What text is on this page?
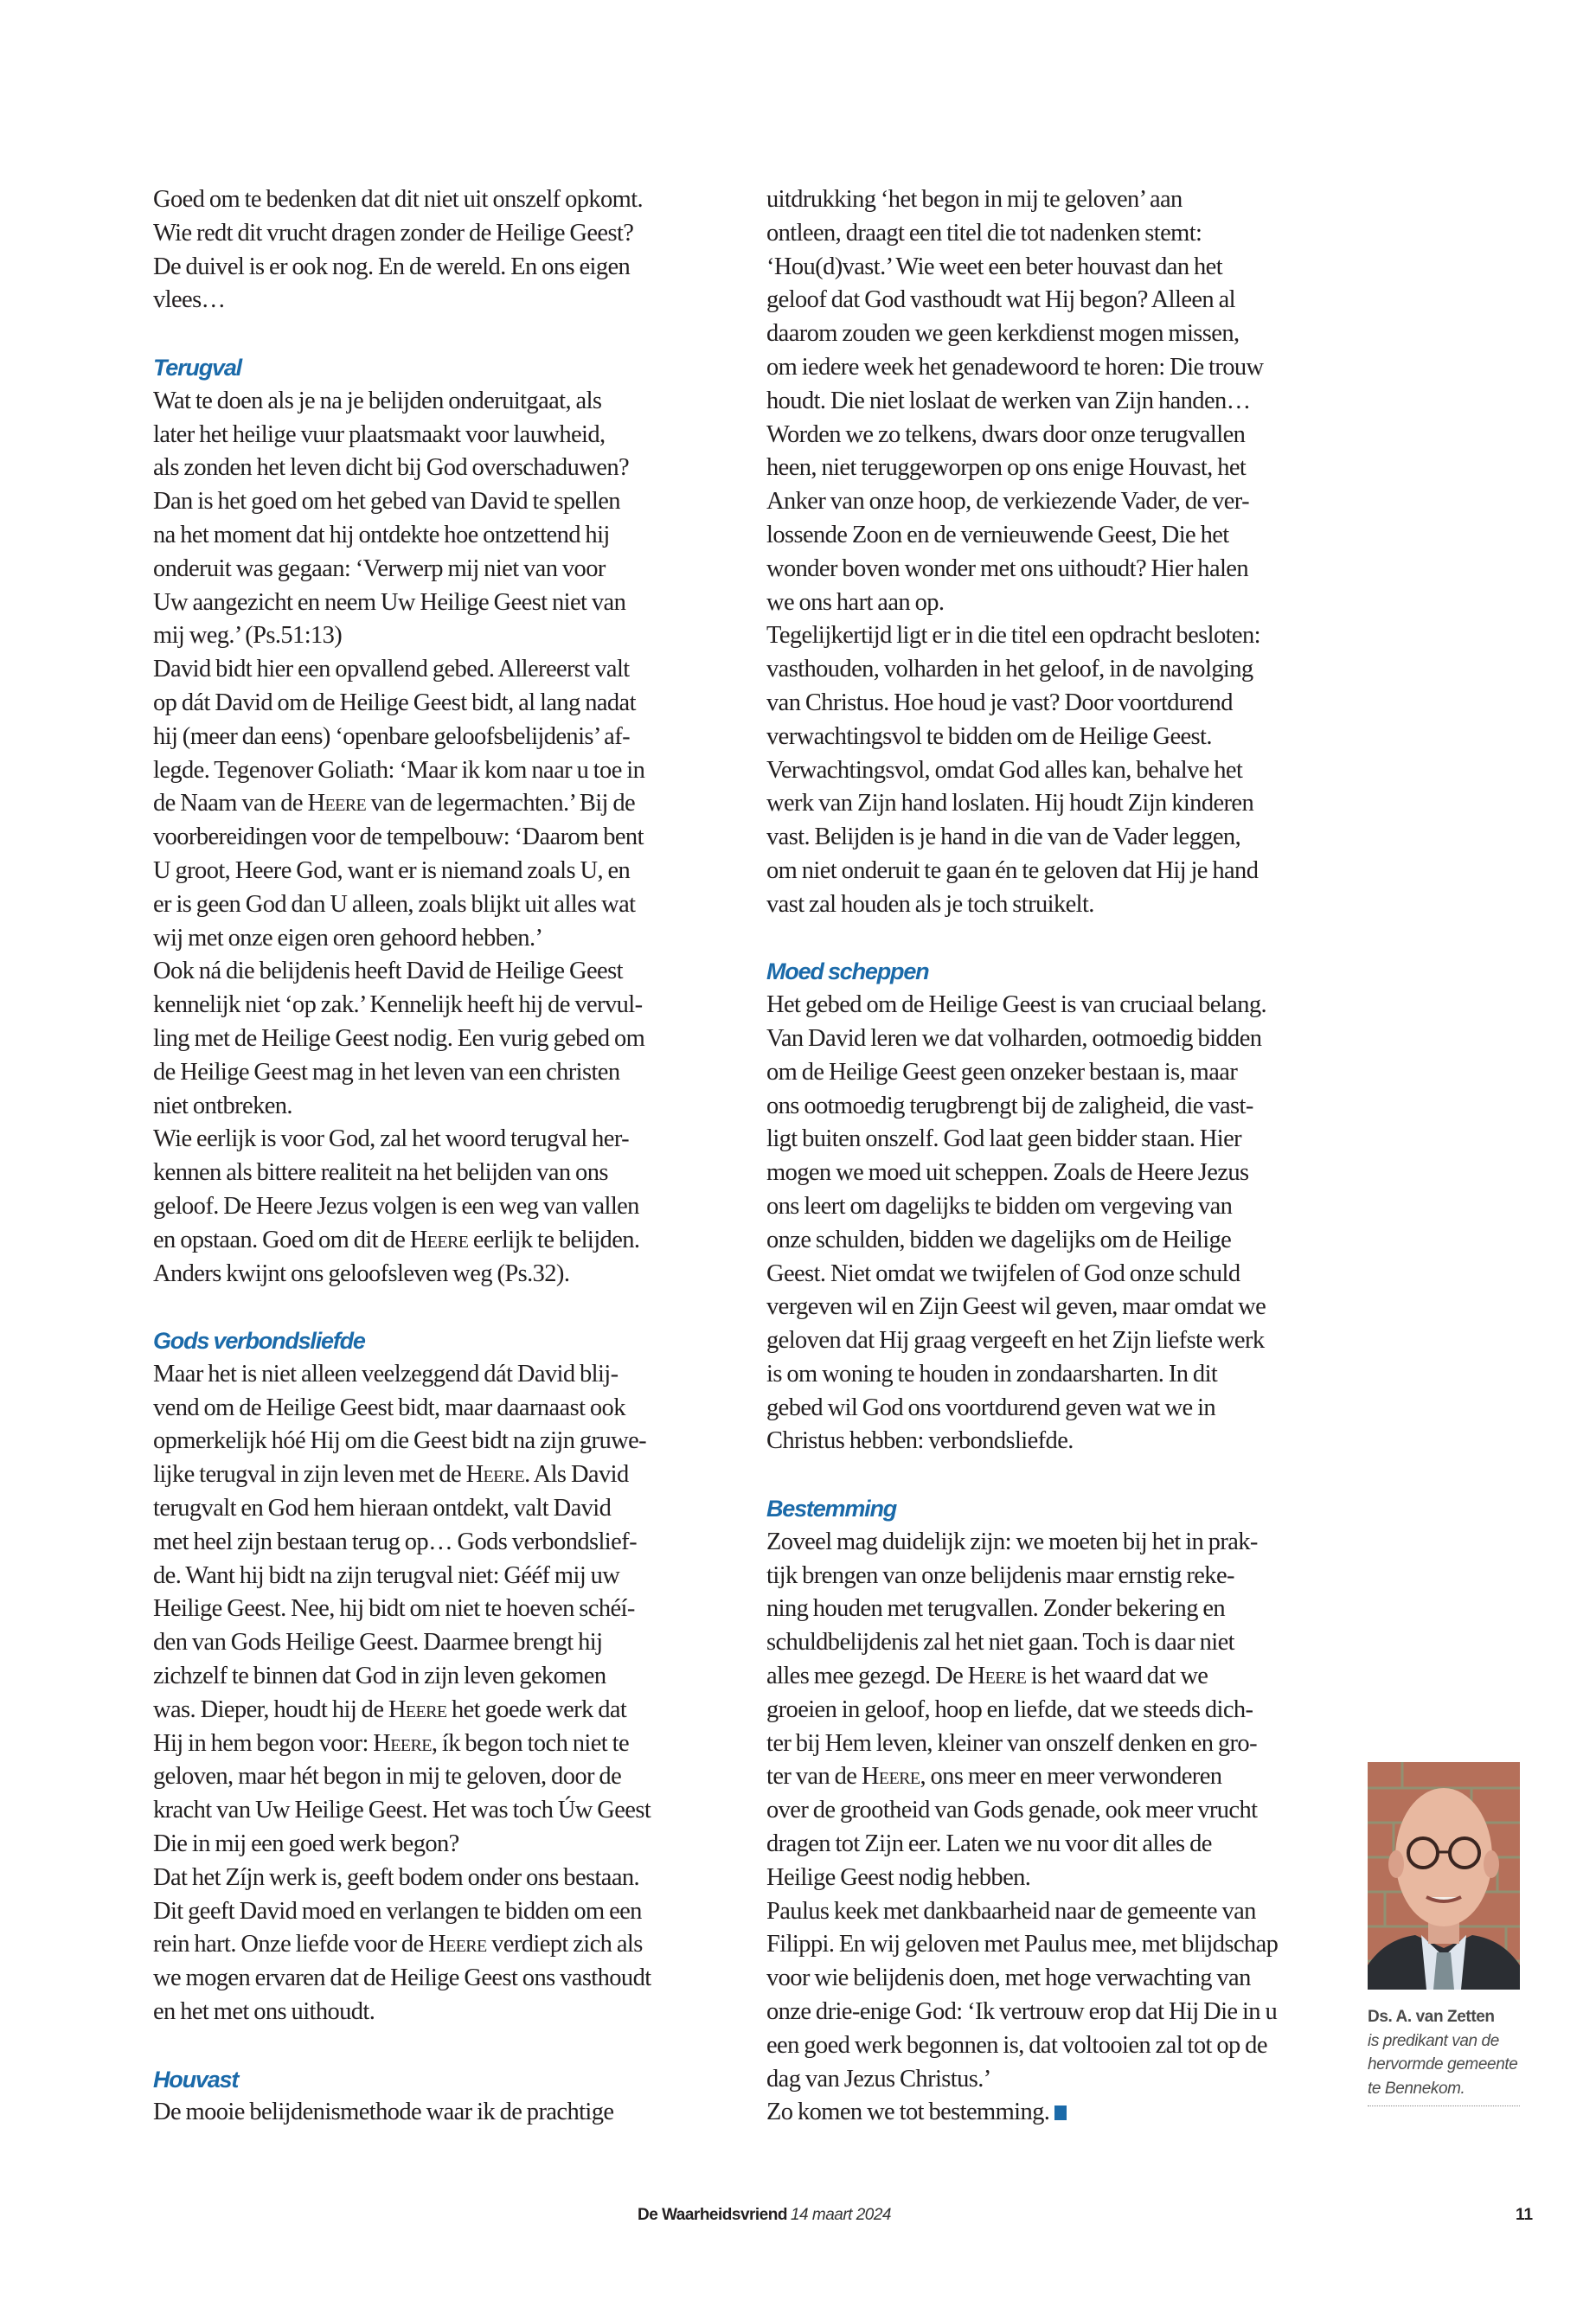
Goed om te bedenken dat dit niet uit onszelf opkomt.
Wie redt dit vrucht dragen zonder de Heilige Geest?
De duivel is er ook nog. En de wereld. En ons eigen
vlees…
Terugval
Wat te doen als je na je belijden onderuitgaat, als
later het heilige vuur plaatsmaakt voor lauwheid,
als zonden het leven dicht bij God overschaduwen?
Dan is het goed om het gebed van David te spellen
na het moment dat hij ontdekte hoe ontzettend hij
onderuit was gegaan: ‘Verwerp mij niet van voor
Uw aangezicht en neem Uw Heilige Geest niet van
mij weg.’ (Ps.51:13)
David bidt hier een opvallend gebed. Allereerst valt
op dát David om de Heilige Geest bidt, al lang nadat
hij (meer dan eens) ‘openbare geloofsbelijdenis’ af-
legde. Tegenover Goliath: ‘Maar ik kom naar u toe in
de Naam van de Heere van de legermachten.’ Bij de
voorbereidingen voor de tempelbouw: ‘Daarom bent
U groot, Heere God, want er is niemand zoals U, en
er is geen God dan U alleen, zoals blijkt uit alles wat
wij met onze eigen oren gehoord hebben.’
Ook ná die belijdenis heeft David de Heilige Geest
kennelijk niet ‘op zak.’ Kennelijk heeft hij de vervul-
ling met de Heilige Geest nodig. Een vurig gebed om
de Heilige Geest mag in het leven van een christen
niet ontbreken.
Wie eerlijk is voor God, zal het woord terugval her-
kennen als bittere realiteit na het belijden van ons
geloof. De Heere Jezus volgen is een weg van vallen
en opstaan. Goed om dit de Heere eerlijk te belijden.
Anders kwijnt ons geloofsleven weg (Ps.32).
Gods verbondsliefde
Maar het is niet alleen veelzeggend dát David blij-
vend om de Heilige Geest bidt, maar daarnaast ook
opmerkelijk hóé Hij om die Geest bidt na zijn gruwe-
lijke terugval in zijn leven met de Heere. Als David
terugvalt en God hem hieraan ontdekt, valt David
met heel zijn bestaan terug op… Gods verbondslief-
de. Want hij bidt na zijn terugval niet: Gééf mij uw
Heilige Geest. Nee, hij bidt om niet te hoeven schéí-
den van Gods Heilige Geest. Daarmee brengt hij
zichzelf te binnen dat God in zijn leven gekomen
was. Dieper, houdt hij de Heere het goede werk dat
Hij in hem begon voor: Heere, ík begon toch niet te
geloven, maar hét begon in mij te geloven, door de
kracht van Uw Heilige Geest. Het was toch Úw Geest
Die in mij een goed werk begon?
Dat het Zíjn werk is, geeft bodem onder ons bestaan.
Dit geeft David moed en verlangen te bidden om een
rein hart. Onze liefde voor de Heere verdiept zich als
we mogen ervaren dat de Heilige Geest ons vasthoudt
en het met ons uithoudt.
Houvast
De mooie belijdenismethode waar ik de prachtige
uitdrukking ‘het begon in mij te geloven’ aan
ontleen, draagt een titel die tot nadenken stemt:
‘Hou(d)vast.’ Wie weet een beter houvast dan het
geloof dat God vasthoudt wat Hij begon? Alleen al
daarom zouden we geen kerkdienst mogen missen,
om iedere week het genadewoord te horen: Die trouw
houdt. Die niet loslaat de werken van Zijn handen…
Worden we zo telkens, dwars door onze terugvallen
heen, niet teruggeworpen op ons enige Houvast, het
Anker van onze hoop, de verkiezende Vader, de ver-
lossende Zoon en de vernieuwende Geest, Die het
wonder boven wonder met ons uithoudt? Hier halen
we ons hart aan op.
Tegelijkertijd ligt er in die titel een opdracht besloten:
vasthouden, volharden in het geloof, in de navolging
van Christus. Hoe houd je vast? Door voortdurend
verwachtingsvol te bidden om de Heilige Geest.
Verwachtingsvol, omdat God alles kan, behalve het
werk van Zijn hand loslaten. Hij houdt Zijn kinderen
vast. Belijden is je hand in die van de Vader leggen,
om niet onderuit te gaan én te geloven dat Hij je hand
vast zal houden als je toch struikelt.
Moed scheppen
Het gebed om de Heilige Geest is van cruciaal belang.
Van David leren we dat volharden, ootmoedig bidden
om de Heilige Geest geen onzeker bestaan is, maar
ons ootmoedig terugbrengt bij de zaligheid, die vast-
ligt buiten onszelf. God laat geen bidder staan. Hier
mogen we moed uit scheppen. Zoals de Heere Jezus
ons leert om dagelijks te bidden om vergeving van
onze schulden, bidden we dagelijks om de Heilige
Geest. Niet omdat we twijfelen of God onze schuld
vergeven wil en Zijn Geest wil geven, maar omdat we
geloven dat Hij graag vergeeft en het Zijn liefste werk
is om woning te houden in zondaarsharten. In dit
gebed wil God ons voortdurend geven wat we in
Christus hebben: verbondsliefde.
Bestemming
Zoveel mag duidelijk zijn: we moeten bij het in prak-
tijk brengen van onze belijdenis maar ernstig reke-
ning houden met terugvallen. Zonder bekering en
schuldbelijdenis zal het niet gaan. Toch is daar niet
alles mee gezegd. De Heere is het waard dat we
groeien in geloof, hoop en liefde, dat we steeds dich-
ter bij Hem leven, kleiner van onszelf denken en gro-
ter van de Heere, ons meer en meer verwonderen
over de grootheid van Gods genade, ook meer vrucht
dragen tot Zijn eer. Laten we nu voor dit alles de
Heilige Geest nodig hebben.
Paulus keek met dankbaarheid naar de gemeente van
Filippi. En wij geloven met Paulus mee, met blijdschap
voor wie belijdenis doen, met hoge verwachting van
onze drie-enige God: ‘Ik vertrouw erop dat Hij Die in u
een goed werk begonnen is, dat voltooien zal tot op de
dag van Jezus Christus.’
Zo komen we tot bestemming.
Ds. A. van Zetten
is predikant van de
hervormde gemeente
te Bennekom.
De Waarheidsvriend 14 maart 2024	11
